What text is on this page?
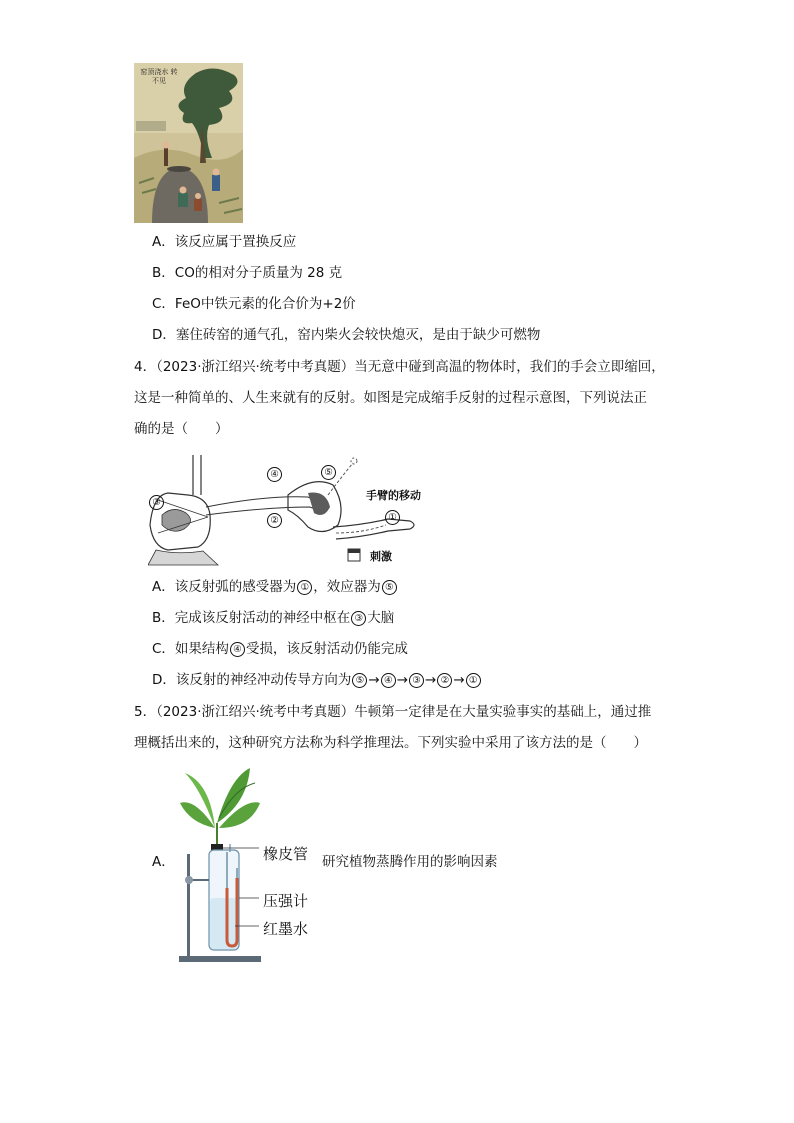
窑顶浇水 转不见
A．该反应属于置换反应
B．CO的相对分子质量为 28 克
C．FeO中铁元素的化合价为+2价
D．塞住砖窑的通气孔，窑内柴火会较快熄灭，是由于缺少可燃物
4．（2023·浙江绍兴·统考中考真题）当无意中碰到高温的物体时，我们的手会立即缩回，
这是一种简单的、人生来就有的反射。如图是完成缩手反射的过程示意图，下列说法正
确的是（　　）
③
②
④	⑤
①
手臂的移动
刺激
A．该反射弧的感受器为 ① ，效应器为 ⑤
B．完成该反射活动的神经中枢在 ③ 大脑
C．如果结构 ④ 受损，该反射活动仍能完成
D．该反射的神经冲动传导方向为 ⑤ → ④ → ③ → ② → ①
5．（2023·浙江绍兴·统考中考真题）牛顿第一定律是在大量实验事实的基础上，通过推
理概括出来的，这种研究方法称为科学推理法。下列实验中采用了该方法的是（　　）
A．	橡皮管
压强计
红墨水
研究植物蒸腾作用的影响因素
